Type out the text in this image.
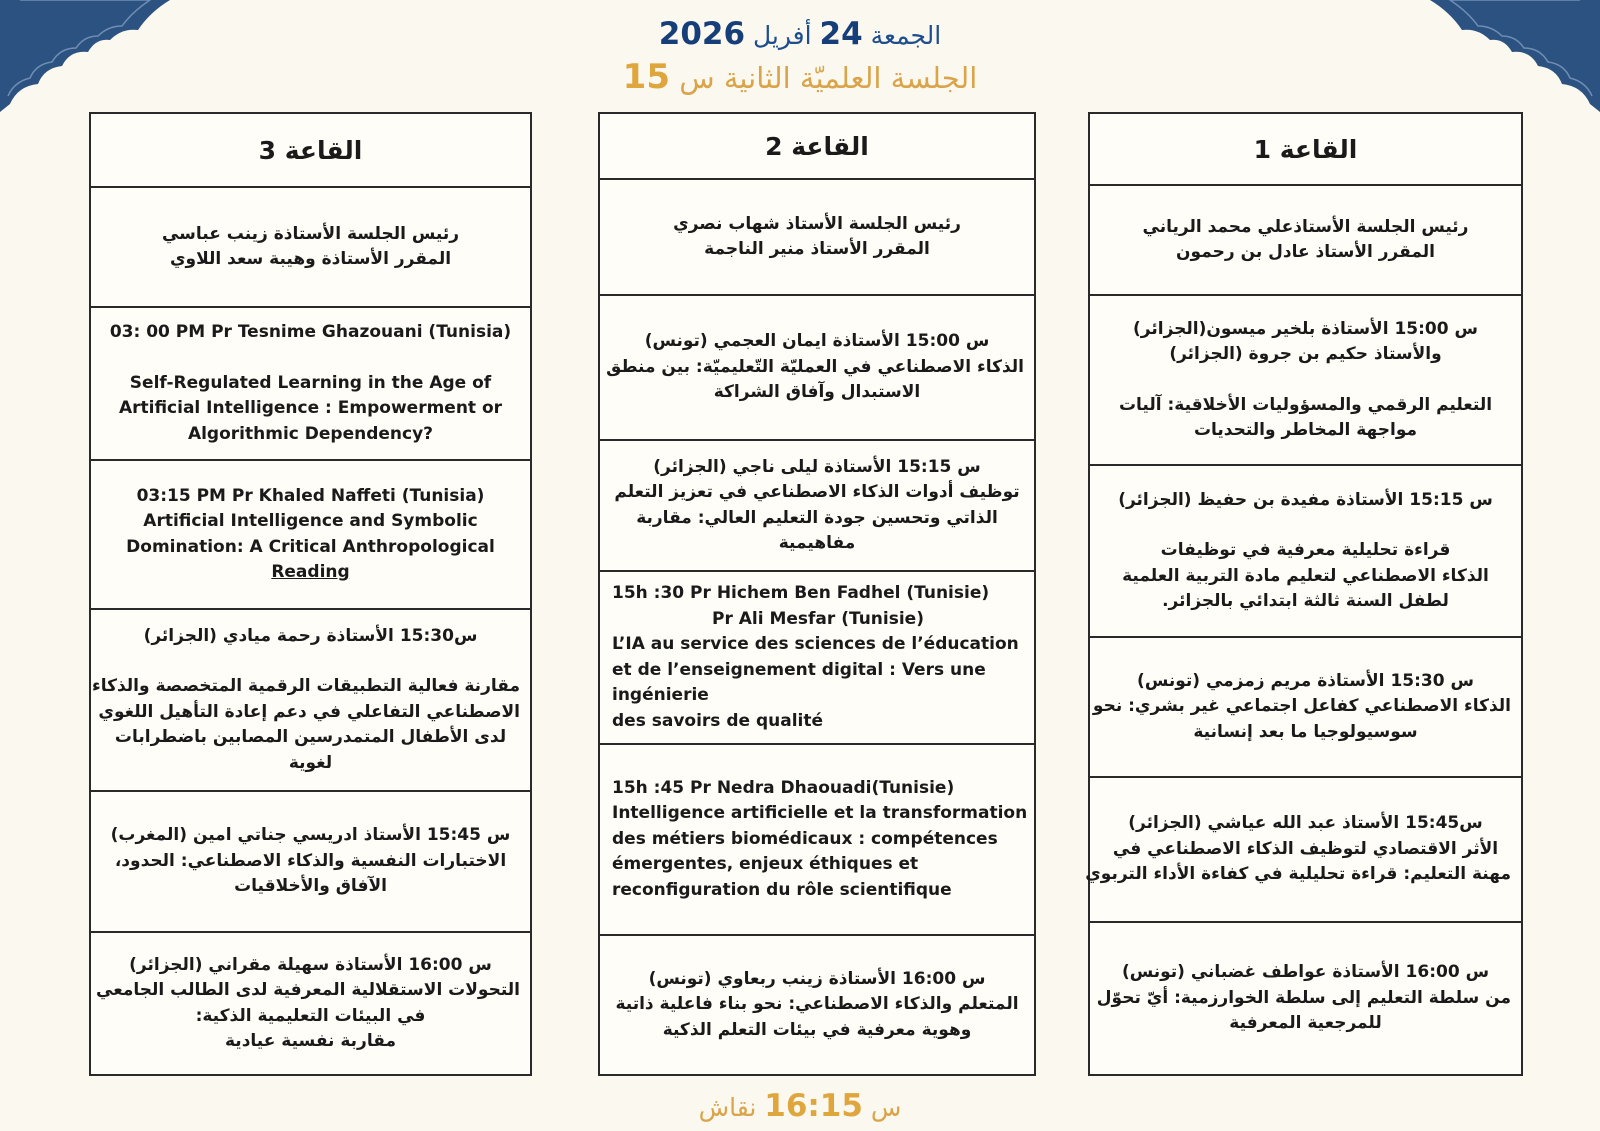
الجمعة 24 أفريل 2026
الجلسة العلميّة الثانية س 15
القاعة 1
رئيس الجلسة الأستاذعلي محمد الرياني
المقرر الأستاذ عادل بن رحمون
س 15:00 الأستاذة بلخير ميسون(الجزائر)
والأستاذ حكيم بن جروة (الجزائر)
التعليم الرقمي والمسؤوليات الأخلاقية: آليات
مواجهة المخاطر والتحديات
س 15:15 الأستاذة مفيدة بن حفيظ (الجزائر)
قراءة تحليلية معرفية في توظيفات
الذكاء الاصطناعي لتعليم مادة التربية العلمية
لطفل السنة ثالثة ابتدائي بالجزائر.
س 15:30 الأستاذة مريم زمزمي (تونس)
الذكاء الاصطناعي كفاعل اجتماعي غير بشري: نحو
سوسيولوجيا ما بعد إنسانية
س15:45 الأستاذ عبد الله عياشي (الجزائر)
الأثر الاقتصادي لتوظيف الذكاء الاصطناعي في
مهنة التعليم: قراءة تحليلية في كفاءة الأداء التربوي
س 16:00 الأستاذة عواطف غضباني (تونس)
من سلطة التعليم إلى سلطة الخوارزمية: أيّ تحوّل
للمرجعية المعرفية
القاعة 2
رئيس الجلسة الأستاذ شهاب نصري
المقرر الأستاذ منير الناجمة
س 15:00 الأستاذة ايمان العجمي (تونس)
الذكاء الاصطناعي في العمليّة التّعليميّة: بين منطق
الاستبدال وآفاق الشراكة
س 15:15 الأستاذة ليلى ناجي (الجزائر)
توظيف أدوات الذكاء الاصطناعي في تعزيز التعلم
الذاتي وتحسين جودة التعليم العالي: مقاربة
مفاهيمية
15h :30 Pr Hichem Ben Fadhel (Tunisie)
Pr Ali Mesfar (Tunisie)
L’IA au service des sciences de l’éducation
et de l’enseignement digital : Vers une
ingénierie
des savoirs de qualité
15h :45 Pr Nedra Dhaouadi(Tunisie)
Intelligence artificielle et la transformation
des métiers biomédicaux : compétences
émergentes, enjeux éthiques et
reconfiguration du rôle scientifique
س 16:00 الأستاذة زينب ربعاوي (تونس)
المتعلم والذكاء الاصطناعي: نحو بناء فاعلية ذاتية
وهوية معرفية في بيئات التعلم الذكية
القاعة 3
رئيس الجلسة الأستاذة زينب عباسي
المقرر الأستاذة وهيبة سعد اللاوي
03: 00 PM Pr Tesnime Ghazouani (Tunisia)
Self-Regulated Learning in the Age of
Artificial Intelligence : Empowerment or
Algorithmic Dependency?
03:15 PM Pr Khaled Naffeti (Tunisia)
Artificial Intelligence and Symbolic
Domination: A Critical Anthropological
Reading
س15:30 الأستاذة رحمة ميادي (الجزائر)
مقارنة فعالية التطبيقات الرقمية المتخصصة والذكاء
الاصطناعي التفاعلي في دعم إعادة التأهيل اللغوي
لدى الأطفال المتمدرسين المصابين باضطرابات
لغوية
س 15:45 الأستاذ ادريسي جناتي امين (المغرب)
الاختبارات النفسية والذكاء الاصطناعي: الحدود،
الآفاق والأخلاقيات
س 16:00 الأستاذة سهيلة مقراني (الجزائر)
التحولات الاستقلالية المعرفية لدى الطالب الجامعي
في البيئات التعليمية الذكية:
مقاربة نفسية عيادية
س 16:15 نقاش
